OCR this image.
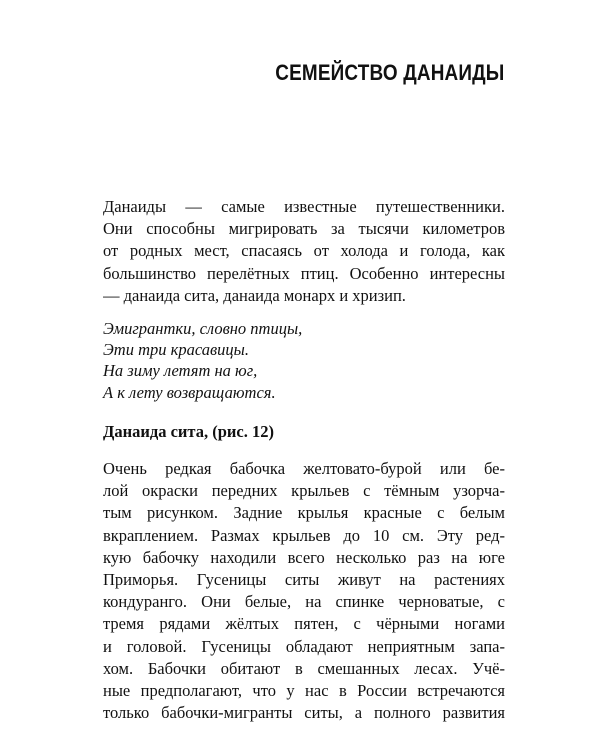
СЕМЕЙСТВО ДАНАИДЫ
Данаиды — самые известные путешественники.
Они способны мигрировать за тысячи километров
от родных мест, спасаясь от холода и голода, как
большинство перелётных птиц. Особенно интересны
— данаида сита, данаида монарх и хризип.
Эмигрантки, словно птицы,
Эти три красавицы.
На зиму летят на юг,
А к лету возвращаются.
Данаида сита, (рис. 12)
Очень редкая бабочка желтовато-бурой или бе-
лой окраски передних крыльев с тёмным узорча-
тым рисунком. Задние крылья красные с белым
вкраплением. Размах крыльев до 10 см. Эту ред-
кую бабочку находили всего несколько раз на юге
Приморья. Гусеницы ситы живут на растениях
кондуранго. Они белые, на спинке черноватые, с
тремя рядами жёлтых пятен, с чёрными ногами
и головой. Гусеницы обладают неприятным запа-
хом. Бабочки обитают в смешанных лесах. Учё-
ные предполагают, что у нас в России встречаются
только бабочки-мигранты ситы, а полного развития
